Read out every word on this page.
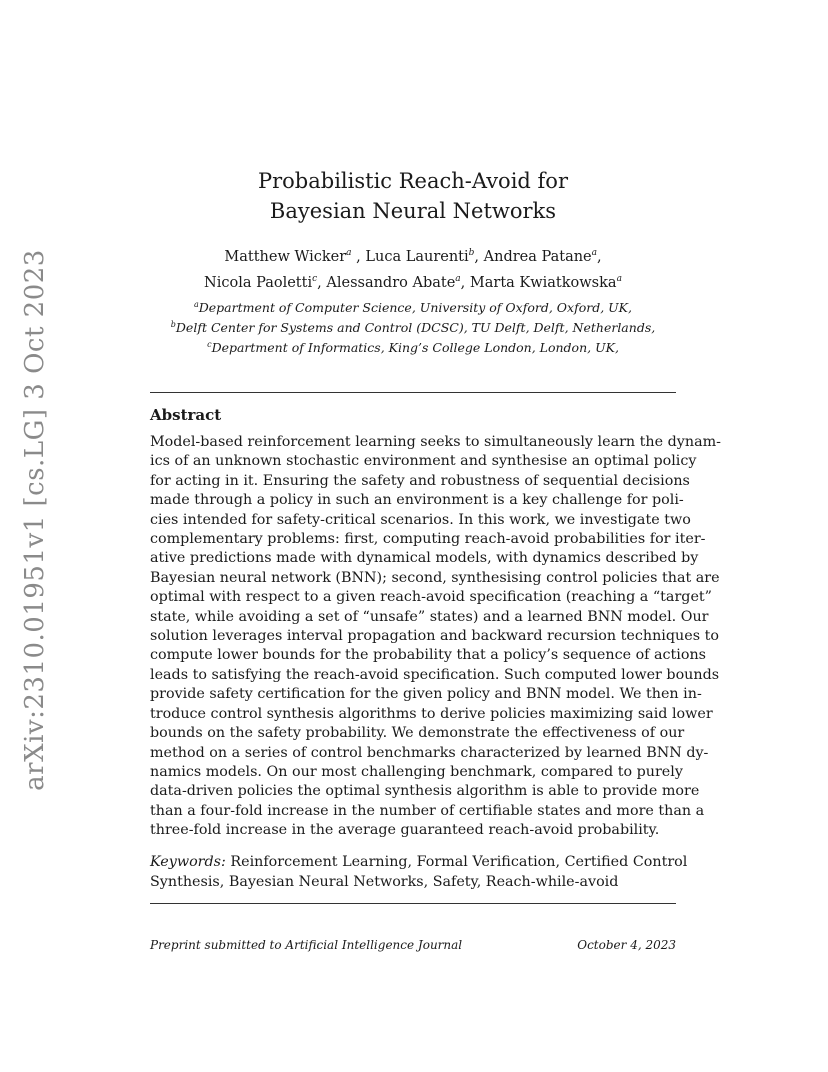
arXiv:2310.01951v1 [cs.LG] 3 Oct 2023
Probabilistic Reach-Avoid for
Bayesian Neural Networks
Matthew Wicker$^a$ , Luca Laurenti$^b$, Andrea Patane$^a$,
Nicola Paoletti$^c$, Alessandro Abate$^a$, Marta Kwiatkowska$^a$
$^a$Department of Computer Science, University of Oxford, Oxford, UK,
$^b$Delft Center for Systems and Control (DCSC), TU Delft, Delft, Netherlands,
$^c$Department of Informatics, King’s College London, London, UK,
Abstract
Model-based reinforcement learning seeks to simultaneously learn the dynam-
ics of an unknown stochastic environment and synthesise an optimal policy
for acting in it. Ensuring the safety and robustness of sequential decisions
made through a policy in such an environment is a key challenge for poli-
cies intended for safety-critical scenarios. In this work, we investigate two
complementary problems: first, computing reach-avoid probabilities for iter-
ative predictions made with dynamical models, with dynamics described by
Bayesian neural network (BNN); second, synthesising control policies that are
optimal with respect to a given reach-avoid specification (reaching a “target”
state, while avoiding a set of “unsafe” states) and a learned BNN model. Our
solution leverages interval propagation and backward recursion techniques to
compute lower bounds for the probability that a policy’s sequence of actions
leads to satisfying the reach-avoid specification. Such computed lower bounds
provide safety certification for the given policy and BNN model. We then in-
troduce control synthesis algorithms to derive policies maximizing said lower
bounds on the safety probability. We demonstrate the effectiveness of our
method on a series of control benchmarks characterized by learned BNN dy-
namics models. On our most challenging benchmark, compared to purely
data-driven policies the optimal synthesis algorithm is able to provide more
than a four-fold increase in the number of certifiable states and more than a
three-fold increase in the average guaranteed reach-avoid probability.
Keywords: Reinforcement Learning, Formal Verification, Certified Control
Synthesis, Bayesian Neural Networks, Safety, Reach-while-avoid
Preprint submitted to Artificial Intelligence Journal	October 4, 2023
